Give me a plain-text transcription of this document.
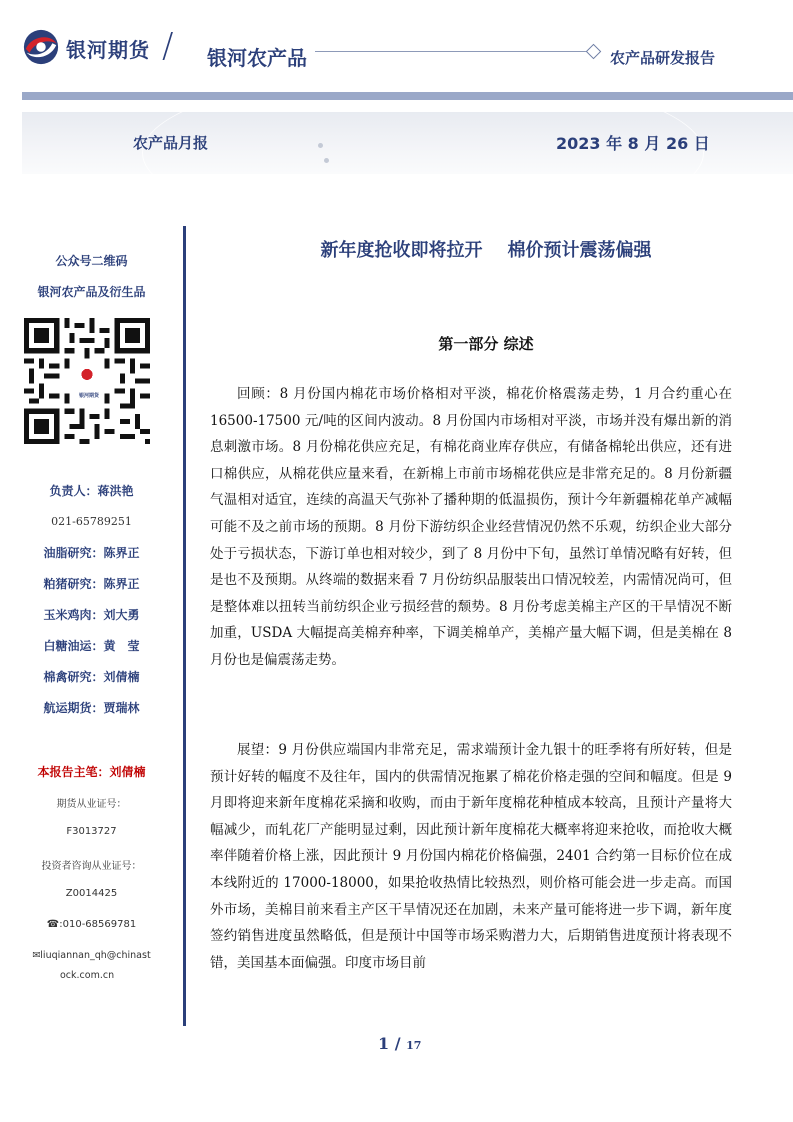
银河期货 / 银河农产品	农产品研发报告
农产品月报	2023 年 8 月 26 日
公众号二维码
银河农产品及衍生品
银河期货
负责人：蒋洪艳
021-65789251
油脂研究：陈界正
粕猪研究：陈界正
玉米鸡肉：刘大勇
白糖油运：黄　莹
棉禽研究：刘倩楠
航运期货：贾瑞林
本报告主笔：刘倩楠
期货从业证号：
F3013727
投资者咨询从业证号：
Z0014425
☎:010-68569781
✉liuqiannan_qh@chinast
ock.com.cn
新年度抢收即将拉开    棉价预计震荡偏强
第一部分 综述

回顾：8 月份国内棉花市场价格相对平淡，棉花价格震荡走势，1 月合约重心在 16500-17500 元/吨的区间内波动。8 月份国内市场相对平淡，市场并没有爆出新的消息刺激市场。8 月份棉花供应充足，有棉花商业库存供应，有储备棉轮出供应，还有进口棉供应，从棉花供应量来看，在新棉上市前市场棉花供应是非常充足的。8 月份新疆气温相对适宜，连续的高温天气弥补了播种期的低温损伤，预计今年新疆棉花单产减幅可能不及之前市场的预期。8 月份下游纺织企业经营情况仍然不乐观，纺织企业大部分处于亏损状态，下游订单也相对较少，到了 8 月份中下旬，虽然订单情况略有好转，但是也不及预期。从终端的数据来看 7 月份纺织品服装出口情况较差，内需情况尚可，但是整体难以扭转当前纺织企业亏损经营的颓势。8 月份考虑美棉主产区的干旱情况不断加重，USDA 大幅提高美棉弃种率，下调美棉单产，美棉产量大幅下调，但是美棉在 8 月份也是偏震荡走势。

展望：9 月份供应端国内非常充足，需求端预计金九银十的旺季将有所好转，但是预计好转的幅度不及往年，国内的供需情况拖累了棉花价格走强的空间和幅度。但是 9 月即将迎来新年度棉花采摘和收购，而由于新年度棉花种植成本较高，且预计产量将大幅减少，而轧花厂产能明显过剩，因此预计新年度棉花大概率将迎来抢收，而抢收大概率伴随着价格上涨，因此预计 9 月份国内棉花价格偏强，2401 合约第一目标价位在成本线附近的 17000-18000，如果抢收热情比较热烈，则价格可能会进一步走高。而国外市场，美棉目前来看主产区干旱情况还在加剧，未来产量可能将进一步下调，新年度签约销售进度虽然略低，但是预计中国等市场采购潜力大，后期销售进度预计将表现不错，美国基本面偏强。印度市场目前

1 / 17
